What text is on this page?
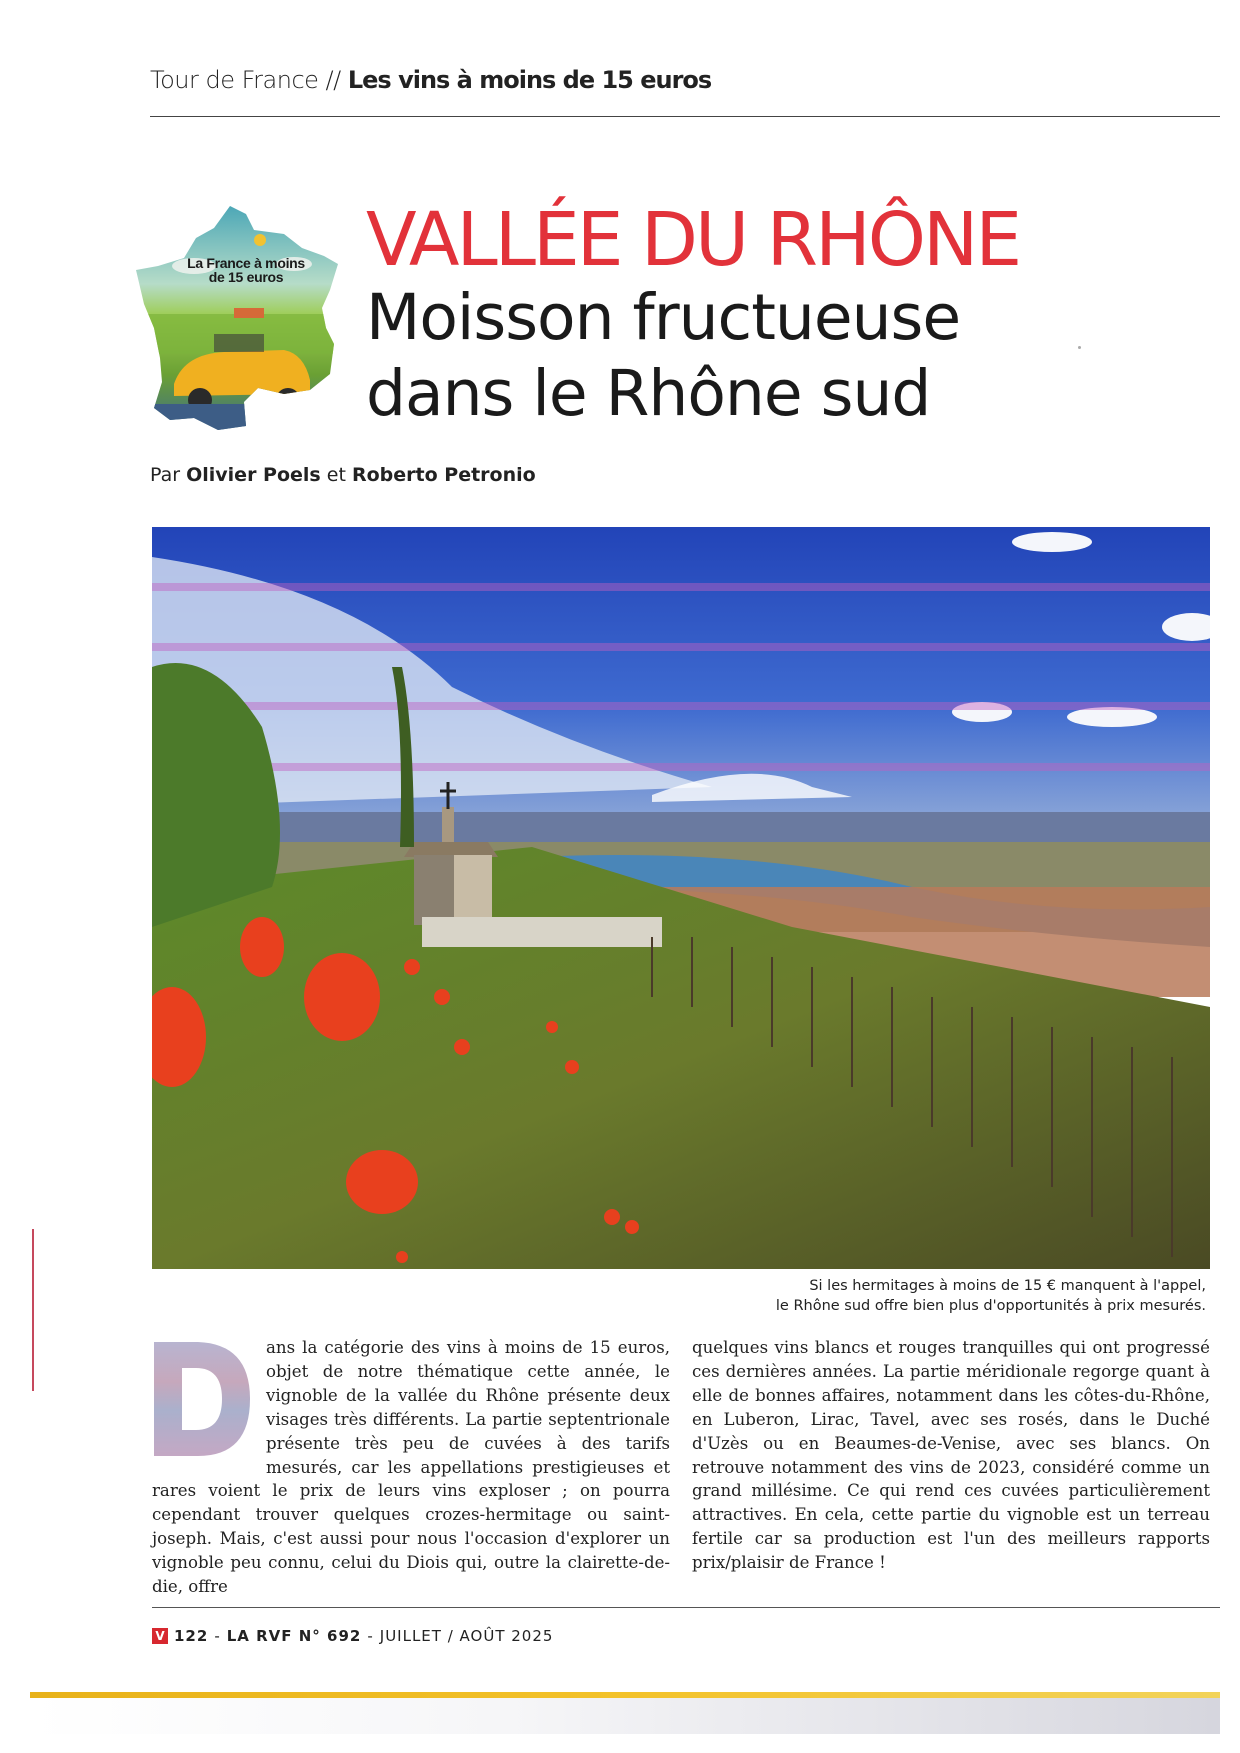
Tour de France // Les vins à moins de 15 euros
La France à moins
de 15 euros	VALLÉE DU RHÔNE
Moisson fructueuse
dans le Rhône sud
Par Olivier Poels et Roberto Petronio
Si les hermitages à moins de 15 € manquent à l'appel,
le Rhône sud offre bien plus d'opportunités à prix mesurés.

ans la catégorie des vins à moins de 15 euros, objet de notre thématique cette année, le vignoble de la vallée du Rhône présente deux visages très différents. La partie septentrionale présente très peu de cuvées à des tarifs mesurés, car les appellations prestigieuses et rares voient le prix de leurs vins exploser ; on pourra cependant trouver quelques crozes-hermitage ou saint-joseph. Mais, c'est aussi pour nous l'occasion d'explorer un vignoble peu connu, celui du Diois qui, outre la clairette-de-die, offre

quelques vins blancs et rouges tranquilles qui ont progressé ces dernières années. La partie méridionale regorge quant à elle de bonnes affaires, notamment dans les côtes-du-Rhône, en Luberon, Lirac, Tavel, avec ses rosés, dans le Duché d'Uzès ou en Beaumes-de-Venise, avec ses blancs. On retrouve notamment des vins de 2023, considéré comme un grand millésime. Ce qui rend ces cuvées particulièrement attractives. En cela, cette partie du vignoble est un terreau fertile car sa production est l'un des meilleurs rapports prix/plaisir de France !

V 122 - LA RVF N° 692 - JUILLET / AOÛT 2025
